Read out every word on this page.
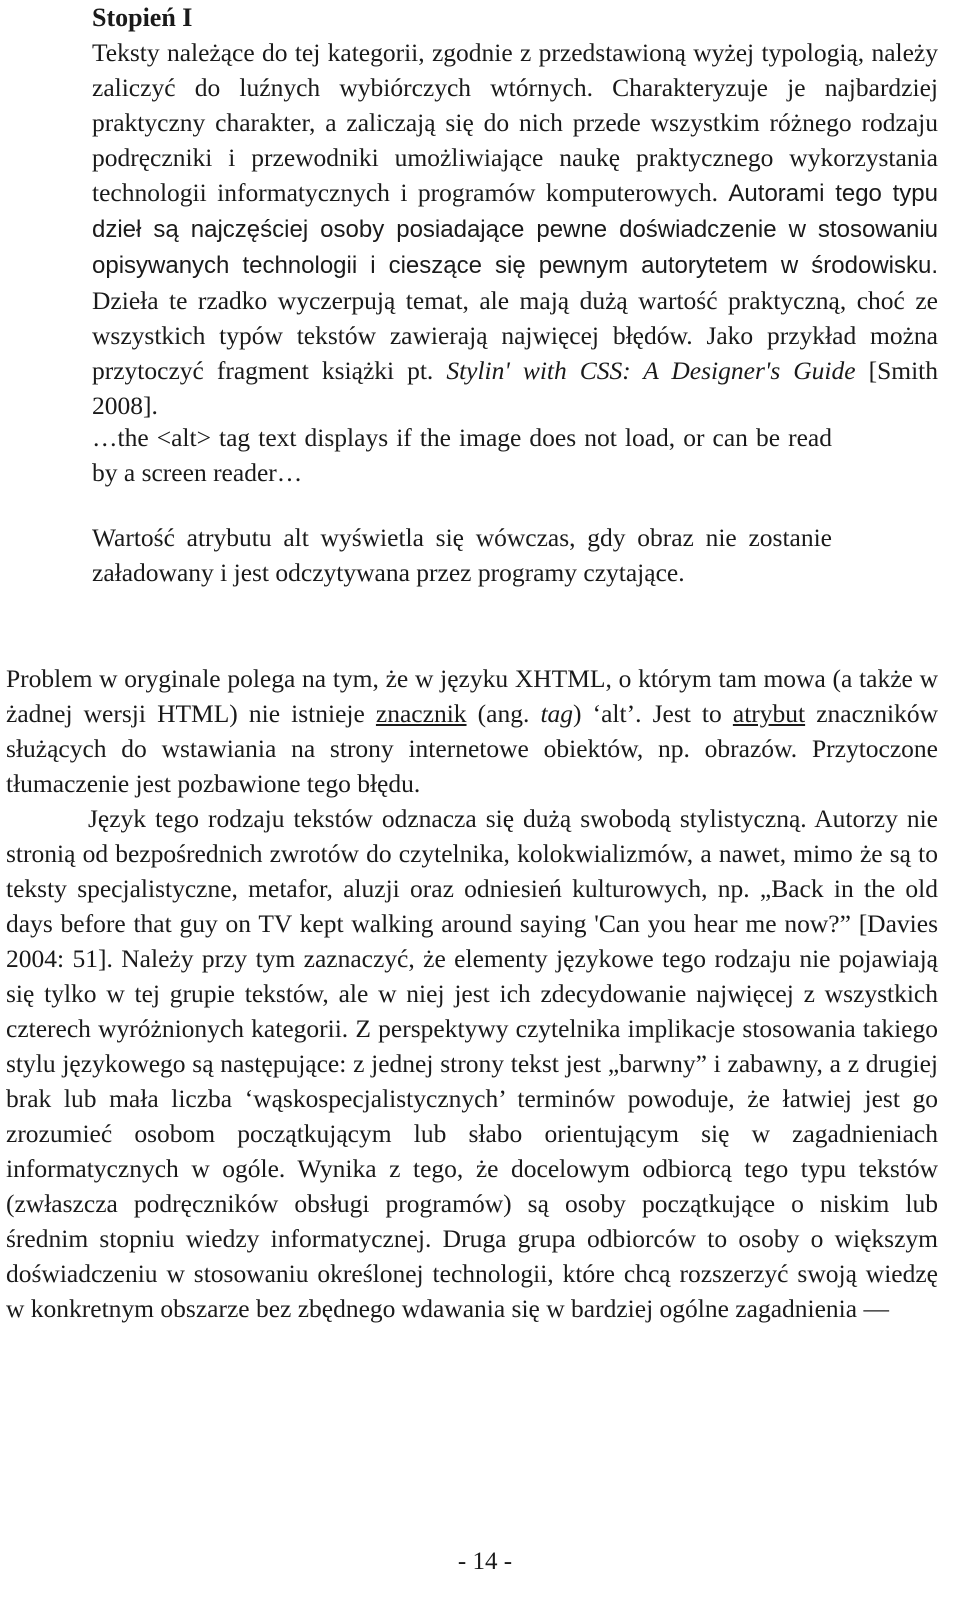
Stopień I
Teksty należące do tej kategorii, zgodnie z przedstawioną wyżej typologią, należy zaliczyć do luźnych wybiórczych wtórnych. Charakteryzuje je najbardziej praktyczny charakter, a zaliczają się do nich przede wszystkim różnego rodzaju podręczniki i przewodniki umożliwiające naukę praktycznego wykorzystania technologii informatycznych i programów komputerowych. Autorami tego typu dzieł są najczęściej osoby posiadające pewne doświadczenie w stosowaniu opisywanych technologii i cieszące się pewnym autorytetem w środowisku. Dzieła te rzadko wyczerpują temat, ale mają dużą wartość praktyczną, choć ze wszystkich typów tekstów zawierają najwięcej błędów. Jako przykład można przytoczyć fragment książki pt. Stylin' with CSS: A Designer's Guide [Smith 2008].

…the <alt> tag text displays if the image does not load, or can be read by a screen reader…

Wartość atrybutu alt wyświetla się wówczas, gdy obraz nie zostanie załadowany i jest odczytywana przez programy czytające.

Problem w oryginale polega na tym, że w języku XHTML, o którym tam mowa (a także w żadnej wersji HTML) nie istnieje znacznik (ang. tag) ‘alt’. Jest to atrybut znaczników służących do wstawiania na strony internetowe obiektów, np. obrazów. Przytoczone tłumaczenie jest pozbawione tego błędu.

Język tego rodzaju tekstów odznacza się dużą swobodą stylistyczną. Autorzy nie stronią od bezpośrednich zwrotów do czytelnika, kolokwializmów, a nawet, mimo że są to teksty specjalistyczne, metafor, aluzji oraz odniesień kulturowych, np. „Back in the old days before that guy on TV kept walking around saying 'Can you hear me now?” [Davies 2004: 51]. Należy przy tym zaznaczyć, że elementy językowe tego rodzaju nie pojawiają się tylko w tej grupie tekstów, ale w niej jest ich zdecydowanie najwięcej z wszystkich czterech wyróżnionych kategorii. Z perspektywy czytelnika implikacje stosowania takiego stylu językowego są następujące: z jednej strony tekst jest „barwny” i zabawny, a z drugiej brak lub mała liczba ‘wąskospecjalistycznych’ terminów powoduje, że łatwiej jest go zrozumieć osobom początkującym lub słabo orientującym się w zagadnieniach informatycznych w ogóle. Wynika z tego, że docelowym odbiorcą tego typu tekstów (zwłaszcza podręczników obsługi programów) są osoby początkujące o niskim lub średnim stopniu wiedzy informatycznej. Druga grupa odbiorców to osoby o większym doświadczeniu w stosowaniu określonej technologii, które chcą rozszerzyć swoją wiedzę w konkretnym obszarze bez zbędnego wdawania się w bardziej ogólne zagadnienia —

- 14 -
